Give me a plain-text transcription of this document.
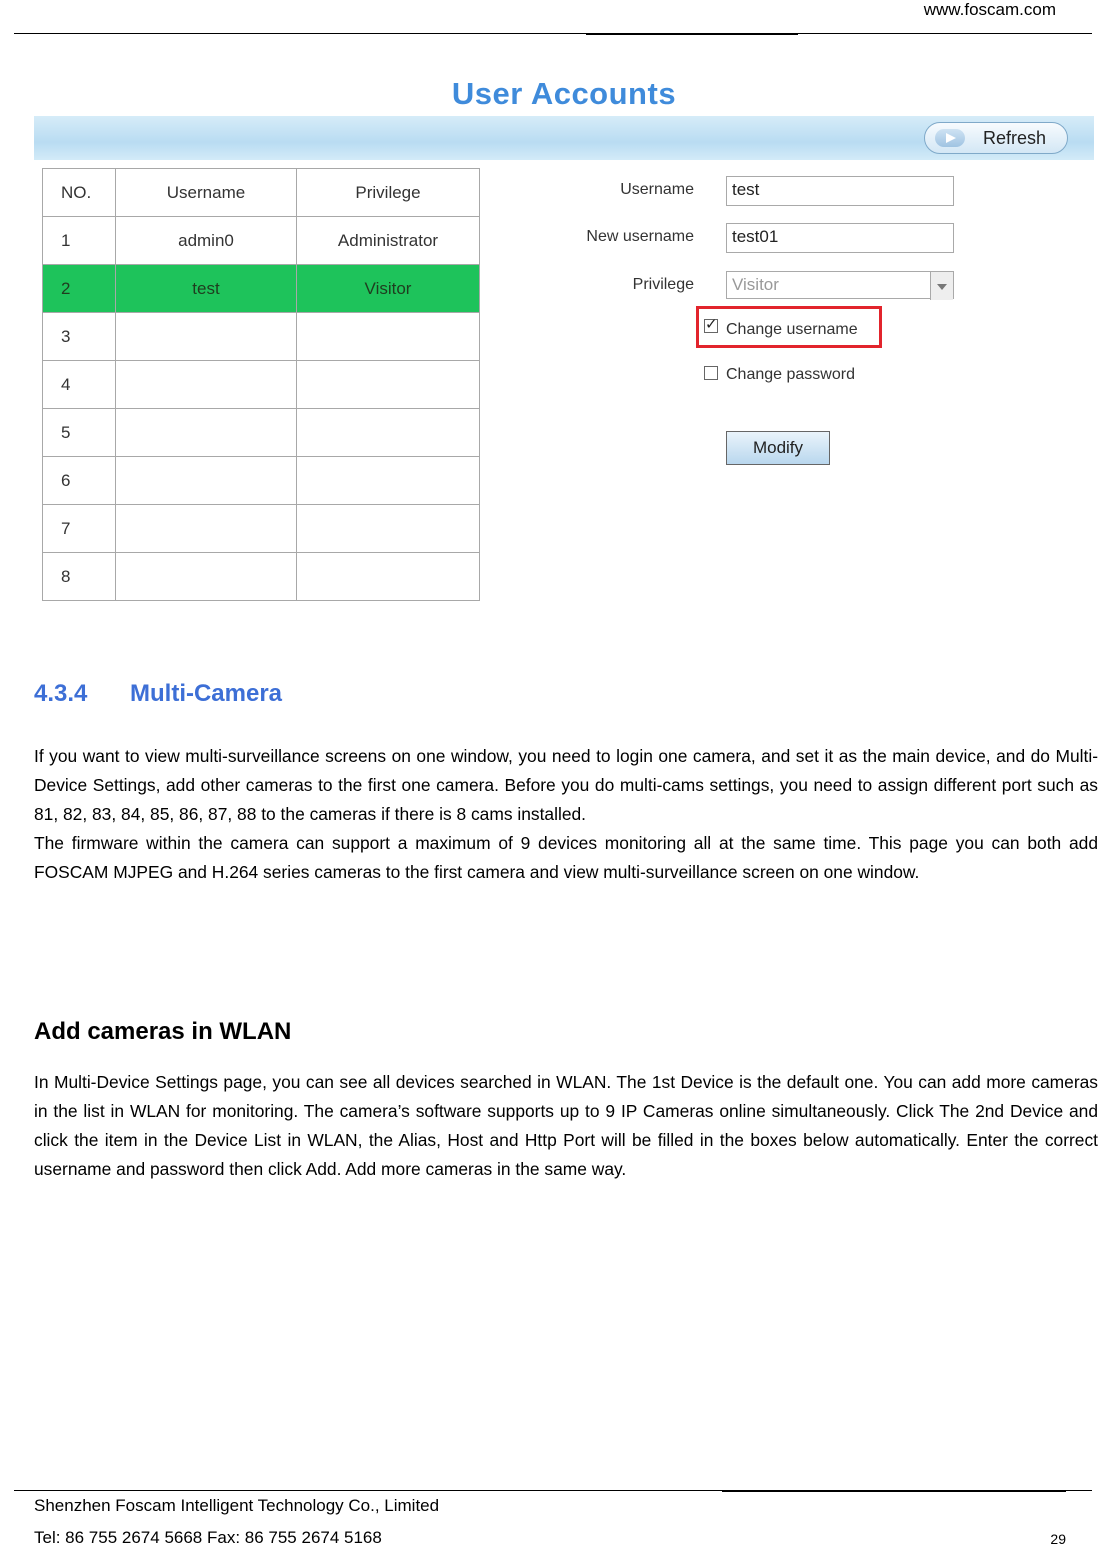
www.foscam.com
User Accounts
Refresh
NO.	Username	Privilege
1	admin0	Administrator
2	test	Visitor
3		
4		
5		
6		
7		
8		
Username	test
New username	test01
Privilege	Visitor
✓
Change username
Change password
Modify
4.3.4 Multi-Camera

If you want to view multi-surveillance screens on one window, you need to login one camera, and set it as the main device, and do Multi-Device Settings, add other cameras to the first one camera. Before you do multi-cams settings, you need to assign different port such as 81, 82, 83, 84, 85, 86, 87, 88 to the cameras if there is 8 cams installed.

The firmware within the camera can support a maximum of 9 devices monitoring all at the same time. This page you can both add FOSCAM MJPEG and H.264 series cameras to the first camera and view multi-surveillance screen on one window.

Add cameras in WLAN

In Multi-Device Settings page, you can see all devices searched in WLAN. The 1st Device is the default one. You can add more cameras in the list in WLAN for monitoring. The camera’s software supports up to 9 IP Cameras online simultaneously. Click The 2nd Device and click the item in the Device List in WLAN, the Alias, Host and Http Port will be filled in the boxes below automatically. Enter the correct username and password then click Add. Add more cameras in the same way.

Shenzhen Foscam Intelligent Technology Co., Limited
Tel: 86 755 2674 5668 Fax: 86 755 2674 5168	29
